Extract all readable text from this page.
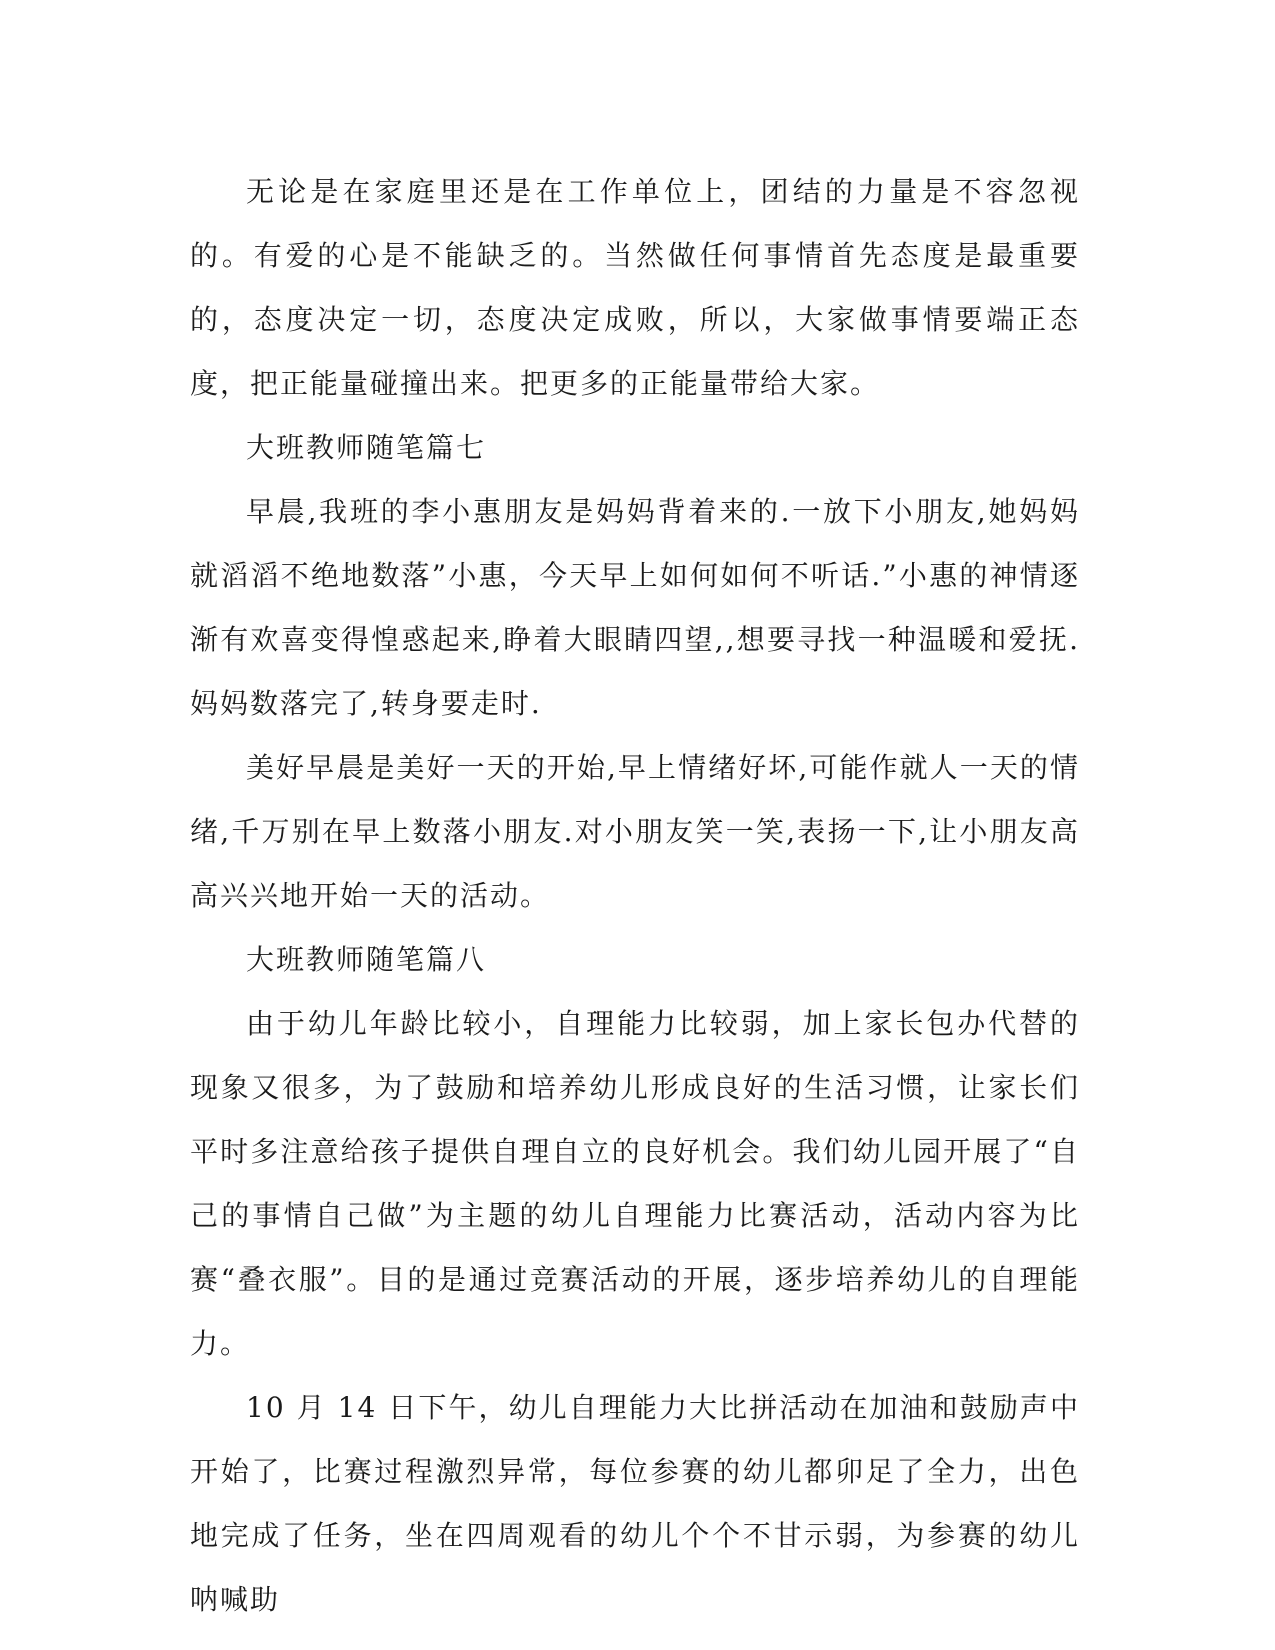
无论是在家庭里还是在工作单位上，团结的力量是不容忽视的。有爱的心是不能缺乏的。当然做任何事情首先态度是最重要的，态度决定一切，态度决定成败，所以，大家做事情要端正态度，把正能量碰撞出来。把更多的正能量带给大家。

大班教师随笔篇七

早晨,我班的李小惠朋友是妈妈背着来的.一放下小朋友,她妈妈就滔滔不绝地数落”小惠，今天早上如何如何不听话.”小惠的神情逐渐有欢喜变得惶惑起来,睁着大眼睛四望,,想要寻找一种温暖和爱抚.妈妈数落完了,转身要走时.

美好早晨是美好一天的开始,早上情绪好坏,可能作就人一天的情绪,千万别在早上数落小朋友.对小朋友笑一笑,表扬一下,让小朋友高高兴兴地开始一天的活动。

大班教师随笔篇八

由于幼儿年龄比较小，自理能力比较弱，加上家长包办代替的现象又很多，为了鼓励和培养幼儿形成良好的生活习惯，让家长们平时多注意给孩子提供自理自立的良好机会。我们幼儿园开展了“自己的事情自己做”为主题的幼儿自理能力比赛活动，活动内容为比赛“叠衣服”。目的是通过竞赛活动的开展，逐步培养幼儿的自理能力。

10 月 14 日下午，幼儿自理能力大比拼活动在加油和鼓励声中开始了，比赛过程激烈异常，每位参赛的幼儿都卯足了全力，出色地完成了任务，坐在四周观看的幼儿个个不甘示弱，为参赛的幼儿呐喊助
